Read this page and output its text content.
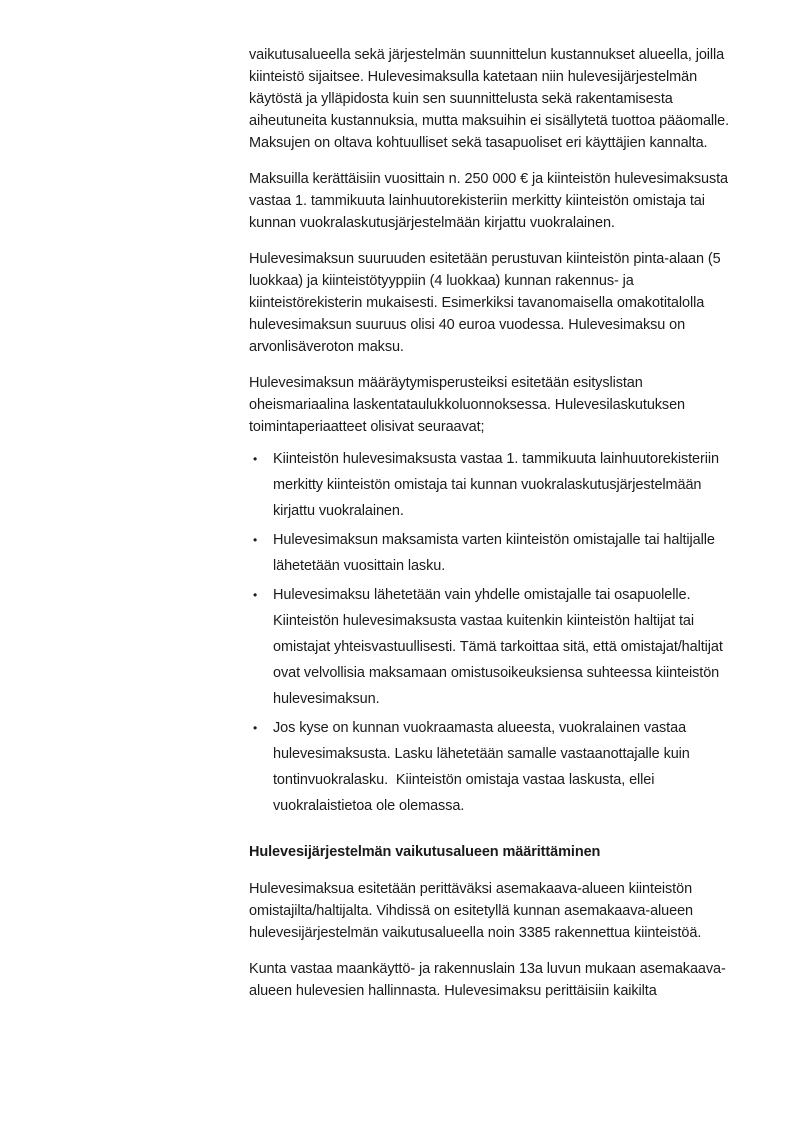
vaikutusalueella sekä järjestelmän suunnittelun kustannukset alueella, joilla kiinteistö sijaitsee. Hulevesimaksulla katetaan niin hulevesijärjestelmän käytöstä ja ylläpidosta kuin sen suunnittelusta sekä rakentamisesta aiheutuneita kustannuksia, mutta maksuihin ei sisällytetä tuottoa pääomalle. Maksujen on oltava kohtuulliset sekä tasapuoliset eri käyttäjien kannalta.

Maksuilla kerättäisiin vuosittain n. 250 000 € ja kiinteistön hulevesimaksusta vastaa 1. tammikuuta lainhuutorekisteriin merkitty kiinteistön omistaja tai kunnan vuokralaskutusjärjestelmään kirjattu vuokralainen.

Hulevesimaksun suuruuden esitetään perustuvan kiinteistön pinta-alaan (5 luokkaa) ja kiinteistötyyppiin (4 luokkaa) kunnan rakennus- ja kiinteistörekisterin mukaisesti. Esimerkiksi tavanomaisella omakotitalolla hulevesimaksun suuruus olisi 40 euroa vuodessa. Hulevesimaksu on arvonlisäveroton maksu.

Hulevesimaksun määräytymisperusteiksi esitetään esityslistan oheismariaalina laskentataulukkoluonnoksessa. Hulevesilaskutuksen toimintaperiaatteet olisivat seuraavat;

•	Kiinteistön hulevesimaksusta vastaa 1. tammikuuta lainhuutorekisteriin merkitty kiinteistön omistaja tai kunnan vuokralaskutusjärjestelmään kirjattu vuokralainen.
•	Hulevesimaksun maksamista varten kiinteistön omistajalle tai haltijalle lähetetään vuosittain lasku.
•	Hulevesimaksu lähetetään vain yhdelle omistajalle tai osapuolelle. Kiinteistön hulevesimaksusta vastaa kuitenkin kiinteistön haltijat tai omistajat yhteisvastuullisesti. Tämä tarkoittaa sitä, että omistajat/haltijat ovat velvollisia maksamaan omistusoikeuksiensa suhteessa kiinteistön hulevesimaksun.
•	Jos kyse on kunnan vuokraamasta alueesta, vuokralainen vastaa hulevesimaksusta. Lasku lähetetään samalle vastaanottajalle kuin tontinvuokralasku.  Kiinteistön omistaja vastaa laskusta, ellei vuokralaistietoa ole olemassa.
Hulevesijärjestelmän vaikutusalueen määrittäminen

Hulevesimaksua esitetään perittäväksi asemakaava-alueen kiinteistön omistajilta/haltijalta. Vihdissä on esitetyllä kunnan asemakaava-alueen hulevesijärjestelmän vaikutusalueella noin 3385 rakennettua kiinteistöä.

Kunta vastaa maankäyttö- ja rakennuslain 13a luvun mukaan asemakaava-alueen hulevesien hallinnasta. Hulevesimaksu perittäisiin kaikilta
